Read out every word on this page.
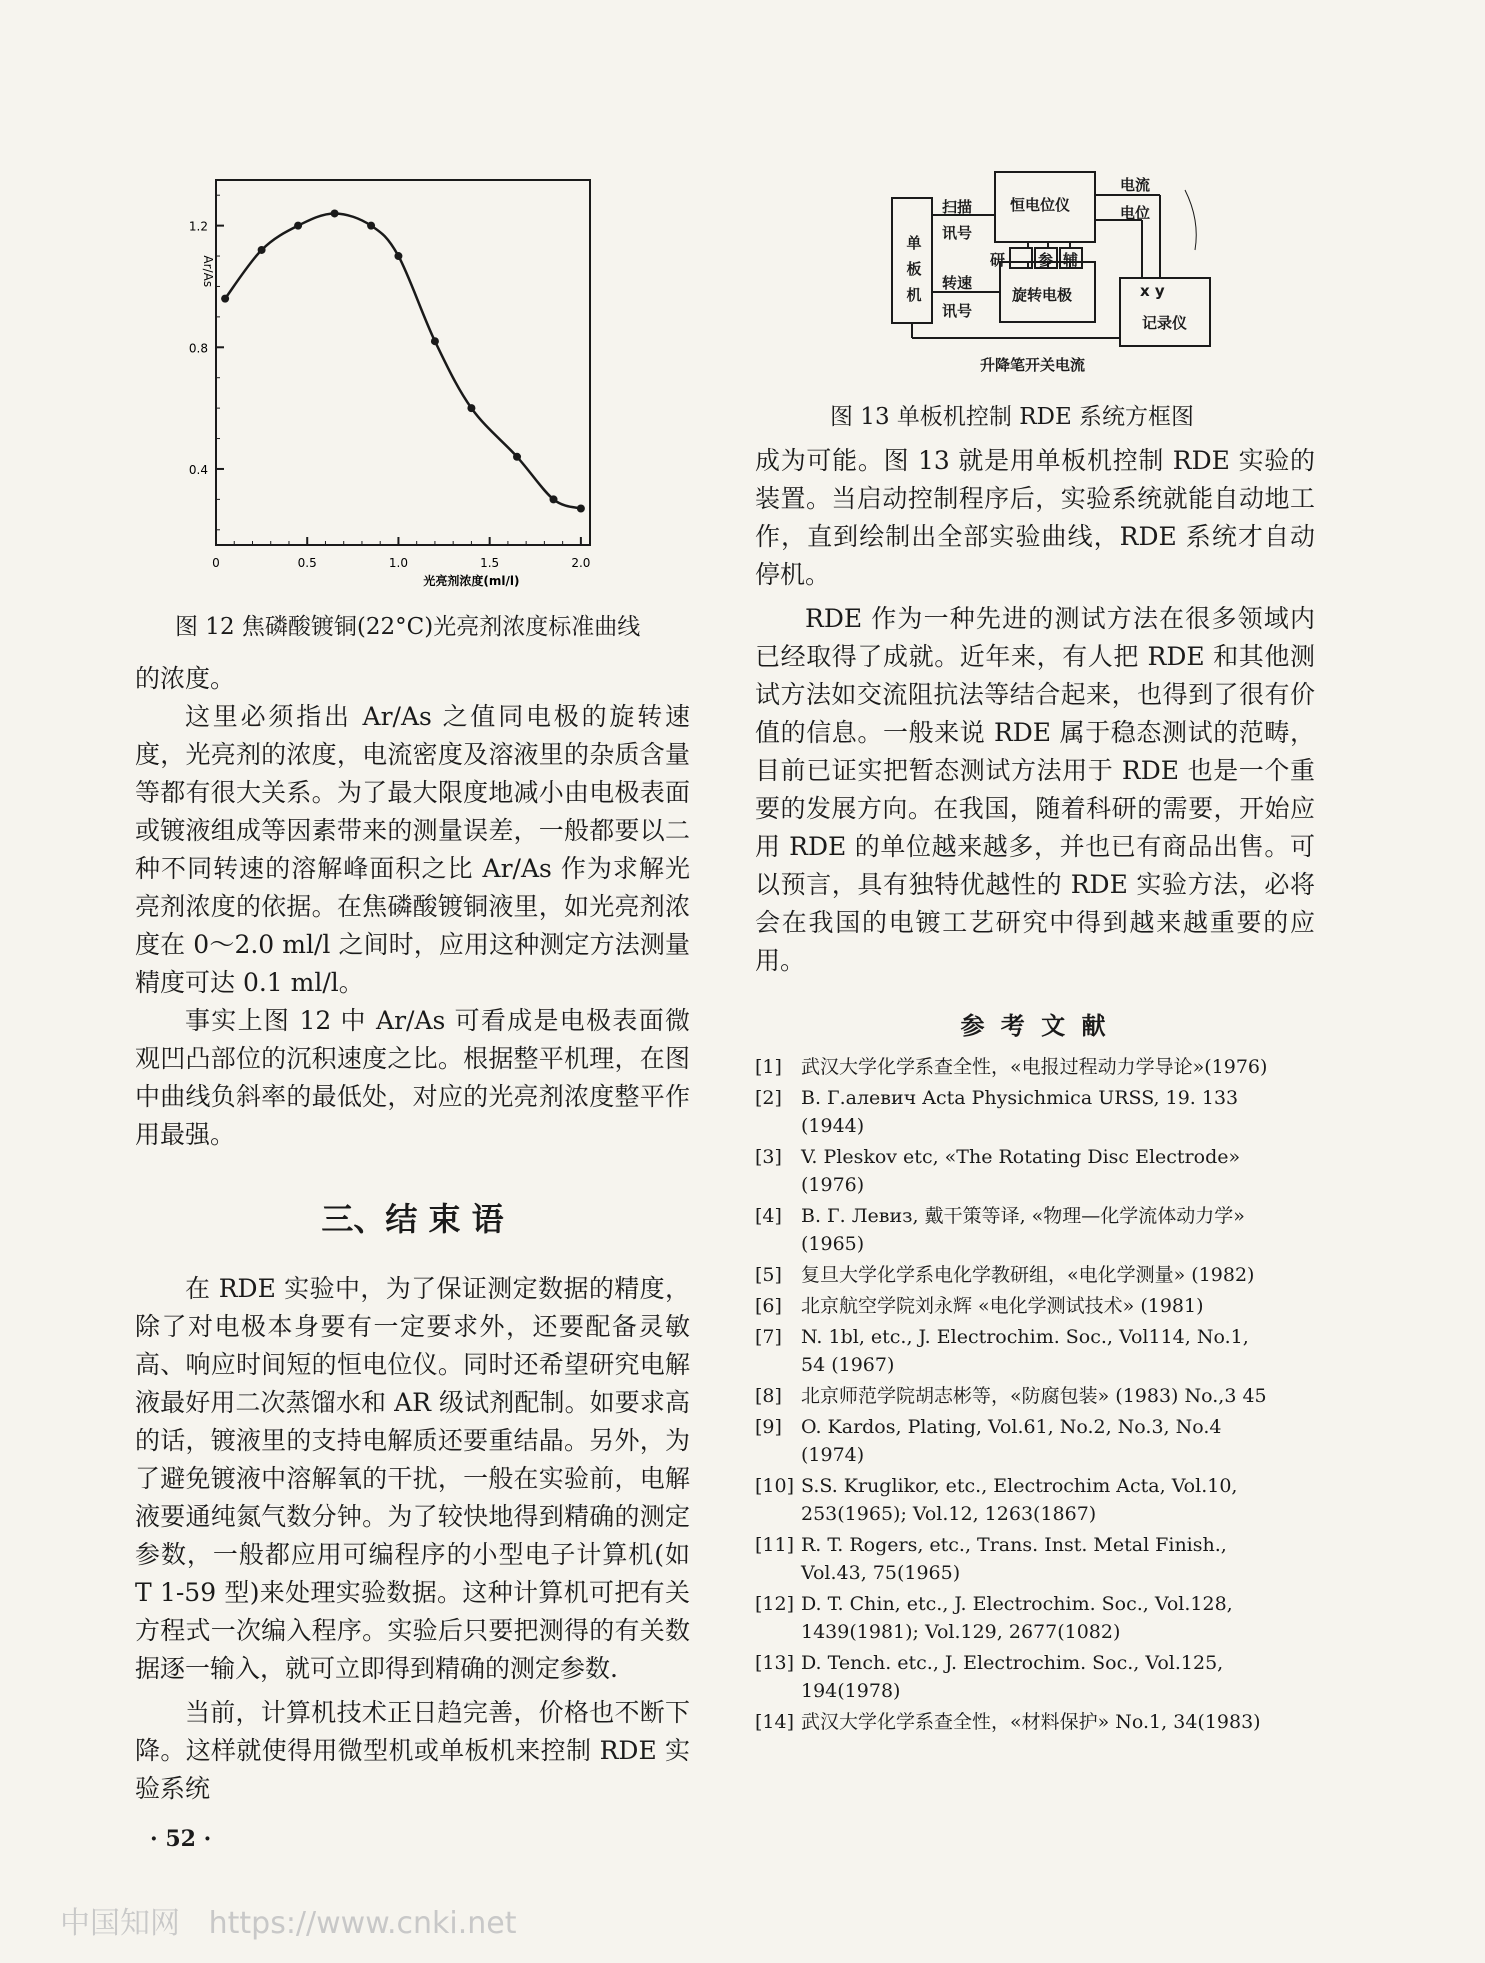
1.2
0.8
0.4
0	0.5	1.0	1.5	2.0
Ar/As
光亮剂浓度(ml/l)
图 12 焦磷酸镀铜(22°C)光亮剂浓度标准曲线
单
板
机
恒电位仪
旋转电极	x y
记录仪
研 参 辅
扫描
讯号
转速
讯号
电流
电位
升降笔开关电流
图 13 单板机控制 RDE 系统方框图
的浓度。
这里必须指出 Ar/As 之值同电极的旋转速度，光亮剂的浓度，电流密度及溶液里的杂质含量等都有很大关系。为了最大限度地减小由电极表面或镀液组成等因素带来的测量误差，一般都要以二种不同转速的溶解峰面积之比 Ar/As 作为求解光亮剂浓度的依据。在焦磷酸镀铜液里，如光亮剂浓度在 0～2.0 ml/l 之间时，应用这种测定方法测量精度可达 0.1 ml/l。
事实上图 12 中 Ar/As 可看成是电极表面微观凹凸部位的沉积速度之比。根据整平机理，在图中曲线负斜率的最低处，对应的光亮剂浓度整平作用最强。
三、结 束 语
在 RDE 实验中，为了保证测定数据的精度，除了对电极本身要有一定要求外，还要配备灵敏高、响应时间短的恒电位仪。同时还希望研究电解液最好用二次蒸馏水和 AR 级试剂配制。如要求高的话，镀液里的支持电解质还要重结晶。另外，为了避免镀液中溶解氧的干扰，一般在实验前，电解液要通纯氮气数分钟。为了较快地得到精确的测定参数，一般都应用可编程序的小型电子计算机(如 T 1-59 型)来处理实验数据。这种计算机可把有关方程式一次编入程序。实验后只要把测得的有关数据逐一输入，就可立即得到精确的测定参数.
当前，计算机技术正日趋完善，价格也不断下降。这样就使得用微型机或单板机来控制 RDE 实验系统
成为可能。图 13 就是用单板机控制 RDE 实验的装置。当启动控制程序后，实验系统就能自动地工作，直到绘制出全部实验曲线，RDE 系统才自动停机。
RDE 作为一种先进的测试方法在很多领域内已经取得了成就。近年来，有人把 RDE 和其他测试方法如交流阻抗法等结合起来，也得到了很有价值的信息。一般来说 RDE 属于稳态测试的范畴，目前已证实把暂态测试方法用于 RDE 也是一个重要的发展方向。在我国，随着科研的需要，开始应用 RDE 的单位越来越多，并也已有商品出售。可以预言，具有独特优越性的 RDE 实验方法，必将会在我国的电镀工艺研究中得到越来越重要的应用。
参 考 文 献
[1] 武汉大学化学系查全性，«电报过程动力学导论»(1976)
[2] B. Г.алевич Acta Physichmica URSS, 19. 133
(1944)
[3] V. Pleskov etc, «The Rotating Disc Electrode»
(1976)
[4] B. Г. Левиз, 戴干策等译, «物理—化学流体动力学»
(1965)
[5] 复旦大学化学系电化学教研组，«电化学测量» (1982)
[6] 北京航空学院刘永辉 «电化学测试技术» (1981)
[7] N. 1bl, etc., J. Electrochim. Soc., Vol114, No.1,
54 (1967)
[8] 北京师范学院胡志彬等，«防腐包装» (1983) No.,3 45
[9] O. Kardos, Plating, Vol.61, No.2, No.3, No.4
(1974)
[10] S.S. Kruglikor, etc., Electrochim Acta, Vol.10,
253(1965); Vol.12, 1263(1867)
[11] R. T. Rogers, etc., Trans. Inst. Metal Finish.,
Vol.43, 75(1965)
[12] D. T. Chin, etc., J. Electrochim. Soc., Vol.128,
1439(1981); Vol.129, 2677(1082)
[13] D. Tench. etc., J. Electrochim. Soc., Vol.125,
194(1978)
[14] 武汉大学化学系查全性，«材料保护» No.1, 34(1983)
· 52 ·
中国知网   https://www.cnki.net
